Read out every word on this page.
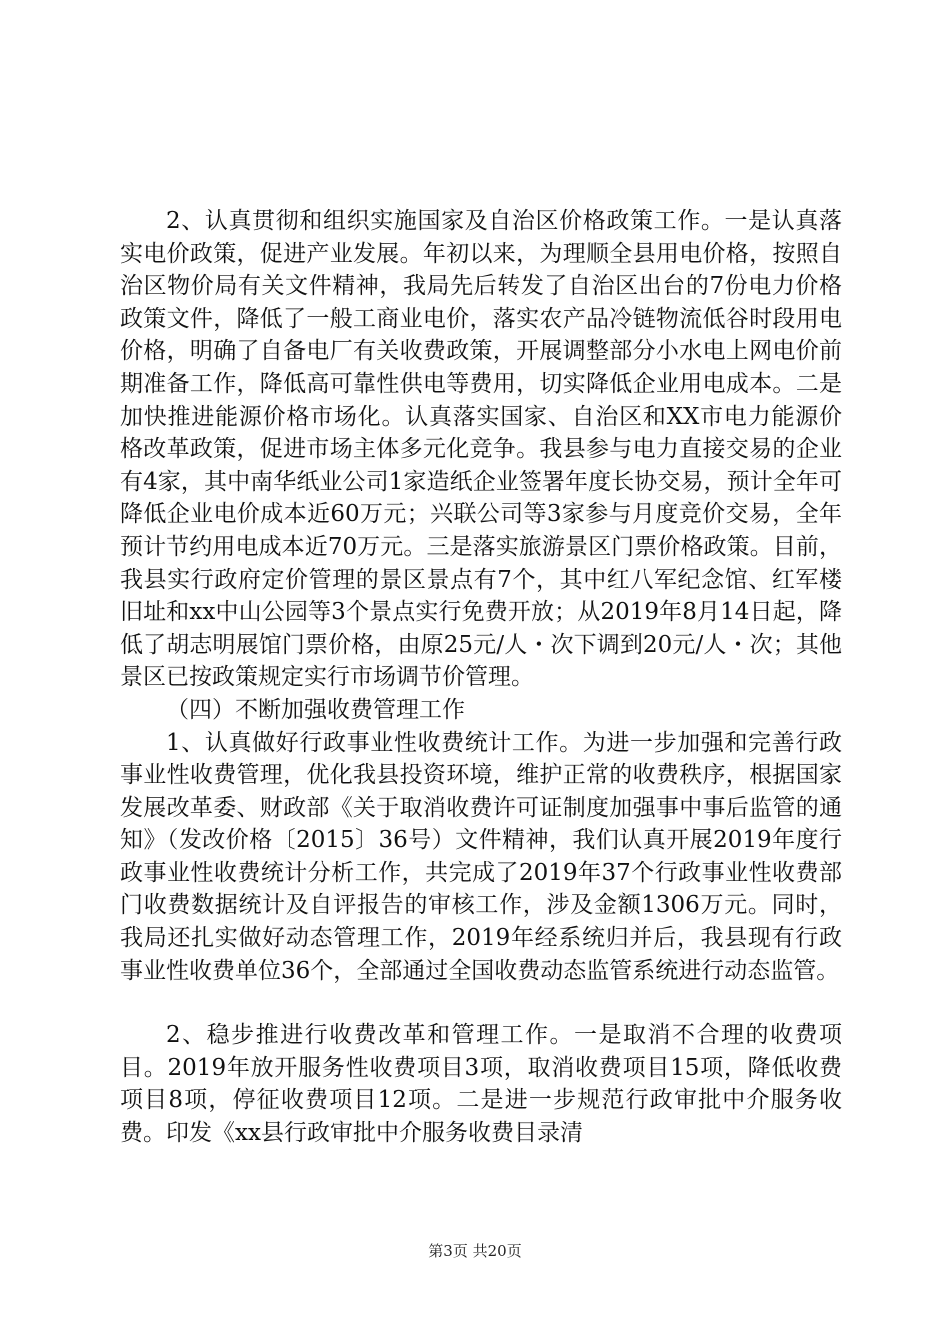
2、认真贯彻和组织实施国家及自治区价格政策工作。一是认真落实电价政策，促进产业发展。年初以来，为理顺全县用电价格，按照自治区物价局有关文件精神，我局先后转发了自治区出台的7份电力价格政策文件，降低了一般工商业电价，落实农产品冷链物流低谷时段用电价格，明确了自备电厂有关收费政策，开展调整部分小水电上网电价前期准备工作，降低高可靠性供电等费用，切实降低企业用电成本。二是加快推进能源价格市场化。认真落实国家、自治区和XX市电力能源价格改革政策，促进市场主体多元化竞争。我县参与电力直接交易的企业有4家，其中南华纸业公司1家造纸企业签署年度长协交易，预计全年可降低企业电价成本近60万元；兴联公司等3家参与月度竞价交易，全年预计节约用电成本近70万元。三是落实旅游景区门票价格政策。目前，我县实行政府定价管理的景区景点有7个，其中红八军纪念馆、红军楼旧址和xx中山公园等3个景点实行免费开放；从2019年8月14日起，降低了胡志明展馆门票价格，由原25元/人・次下调到20元/人・次；其他景区已按政策规定实行市场调节价管理。

（四）不断加强收费管理工作

1、认真做好行政事业性收费统计工作。为进一步加强和完善行政事业性收费管理，优化我县投资环境，维护正常的收费秩序，根据国家发展改革委、财政部《关于取消收费许可证制度加强事中事后监管的通知》（发改价格〔2015〕36号）文件精神，我们认真开展2019年度行政事业性收费统计分析工作，共完成了2019年37个行政事业性收费部门收费数据统计及自评报告的审核工作，涉及金额1306万元。同时，我局还扎实做好动态管理工作，2019年经系统归并后，我县现有行政事业性收费单位36个，全部通过全国收费动态监管系统进行动态监管。

2、稳步推进行收费改革和管理工作。一是取消不合理的收费项目。2019年放开服务性收费项目3项，取消收费项目15项，降低收费项目8项，停征收费项目12项。二是进一步规范行政审批中介服务收费。印发《xx县行政审批中介服务收费目录清

第3页 共20页
